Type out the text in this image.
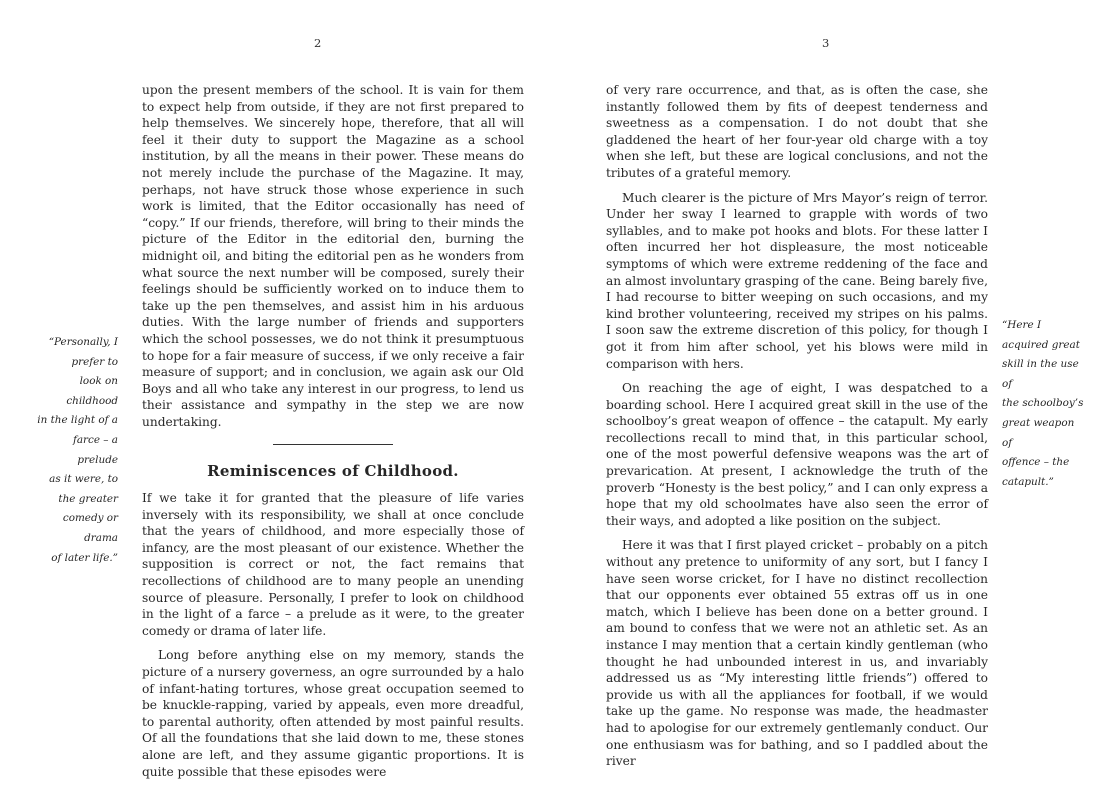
2	3
“Personally, I
prefer to
look on childhood
in the light of a
farce – a prelude
as it were, to
the greater
comedy or drama
of later life.”

upon the present members of the school. It is vain for them to expect help from outside, if they are not first prepared to help themselves. We sincerely hope, therefore, that all will feel it their duty to support the Magazine as a school institution, by all the means in their power. These means do not merely include the purchase of the Magazine. It may, perhaps, not have struck those whose experience in such work is limited, that the Editor occasionally has need of “copy.” If our friends, therefore, will bring to their minds the picture of the Editor in the editorial den, burning the midnight oil, and biting the editorial pen as he wonders from what source the next number will be composed, surely their feelings should be sufficiently worked on to induce them to take up the pen themselves, and assist him in his arduous duties. With the large number of friends and supporters which the school possesses, we do not think it presumptuous to hope for a fair measure of success, if we only receive a fair measure of support; and in conclusion, we again ask our Old Boys and all who take any interest in our progress, to lend us their assistance and sympathy in the step we are now undertaking.

Reminiscences of Childhood.

If we take it for granted that the pleasure of life varies inversely with its responsibility, we shall at once conclude that the years of childhood, and more especially those of infancy, are the most pleasant of our existence. Whether the supposition is correct or not, the fact remains that recollections of childhood are to many people an unending source of pleasure. Personally, I prefer to look on childhood in the light of a farce – a prelude as it were, to the greater comedy or drama of later life.

Long before anything else on my memory, stands the picture of a nursery governess, an ogre surrounded by a halo of infant-hating tortures, whose great occupation seemed to be knuckle-rapping, varied by appeals, even more dreadful, to parental authority, often attended by most painful results. Of all the foundations that she laid down to me, these stones alone are left, and they assume gigantic proportions. It is quite possible that these episodes were

of very rare occurrence, and that, as is often the case, she instantly followed them by fits of deepest tenderness and sweetness as a compensation. I do not doubt that she gladdened the heart of her four-year old charge with a toy when she left, but these are logical conclusions, and not the tributes of a grateful memory.

Much clearer is the picture of Mrs Mayor’s reign of terror. Under her sway I learned to grapple with words of two syllables, and to make pot hooks and blots. For these latter I often incurred her hot displeasure, the most noticeable symptoms of which were extreme reddening of the face and an almost involuntary grasping of the cane. Being barely five, I had recourse to bitter weeping on such occasions, and my kind brother volunteering, received my stripes on his palms. I soon saw the extreme discretion of this policy, for though I got it from him after school, yet his blows were mild in comparison with hers.

On reaching the age of eight, I was despatched to a boarding school. Here I acquired great skill in the use of the schoolboy’s great weapon of offence – the catapult. My early recollections recall to mind that, in this particular school, one of the most powerful defensive weapons was the art of prevarication. At present, I acknowledge the truth of the proverb “Honesty is the best policy,” and I can only express a hope that my old schoolmates have also seen the error of their ways, and adopted a like position on the subject.

Here it was that I first played cricket – probably on a pitch without any pretence to uniformity of any sort, but I fancy I have seen worse cricket, for I have no distinct recollection that our opponents ever obtained 55 extras off us in one match, which I believe has been done on a better ground. I am bound to confess that we were not an athletic set. As an instance I may mention that a certain kindly gentleman (who thought he had unbounded interest in us, and invariably addressed us as “My interesting little friends”) offered to provide us with all the appliances for football, if we would take up the game. No response was made, the headmaster had to apologise for our extremely gentlemanly conduct. Our one enthusiasm was for bathing, and so I paddled about the river

“Here I
acquired great
skill in the use of
the schoolboy’s
great weapon of
offence – the
catapult.”
